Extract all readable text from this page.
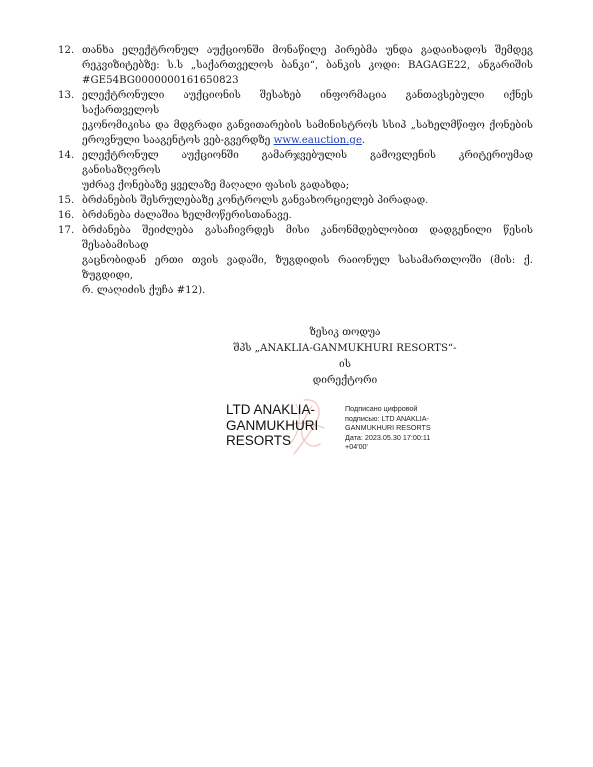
12. თანხა ელექტრონულ აუქციონში მონაწილე პირებმა უნდა გადაიხადოს შემდეგ
რეკვიზიტებზე: ს.ს „საქართველოს ბანკი“, ბანკის კოდი: BAGAGE22, ანგარიშის
#GE54BG0000000161650823
13. ელექტრონული აუქციონის შესახებ ინფორმაცია განთავსებული იქნეს საქართველოს
ეკონომიკისა და მდგრადი განვითარების სამინისტროს სსიპ „სახელმწიფო ქონების
ეროვნული სააგენტოს ვებ-გვერდზე www.eauction.ge.
14. ელექტრონულ აუქციონში გამარჯვებულის გამოვლენის კრიტერიუმად განისაზღვროს
უძრავ ქონებაზე ყველაზე მაღალი ფასის გადახდა;
15. ბრძანების შესრულებაზე კონტროლს განვახორციელებ პირადად.
16. ბრძანება ძალაშია ხელმოწერისთანავე.
17. ბრძანება შეიძლება გასაჩივრდეს მისი კანონმდებლობით დადგენილი წესის შესაბამისად
გაცნობიდან ერთი თვის ვადაში, ზუგდიდის რაიონულ სასამართლოში (მის: ქ. ზუგდიდი,
რ. ლაღიძის ქუჩა #12).
ზესიკ თოდუა
შპს „ANAKLIA-GANMUKHURI RESORTS“-ის
დირექტორი
LTD ANAKLIA-
GANMUKHURI
RESORTS
Подписано цифровой
подписью: LTD ANAKLIA-
GANMUKHURI RESORTS
Дата: 2023.05.30 17:00:11
+04'00'
